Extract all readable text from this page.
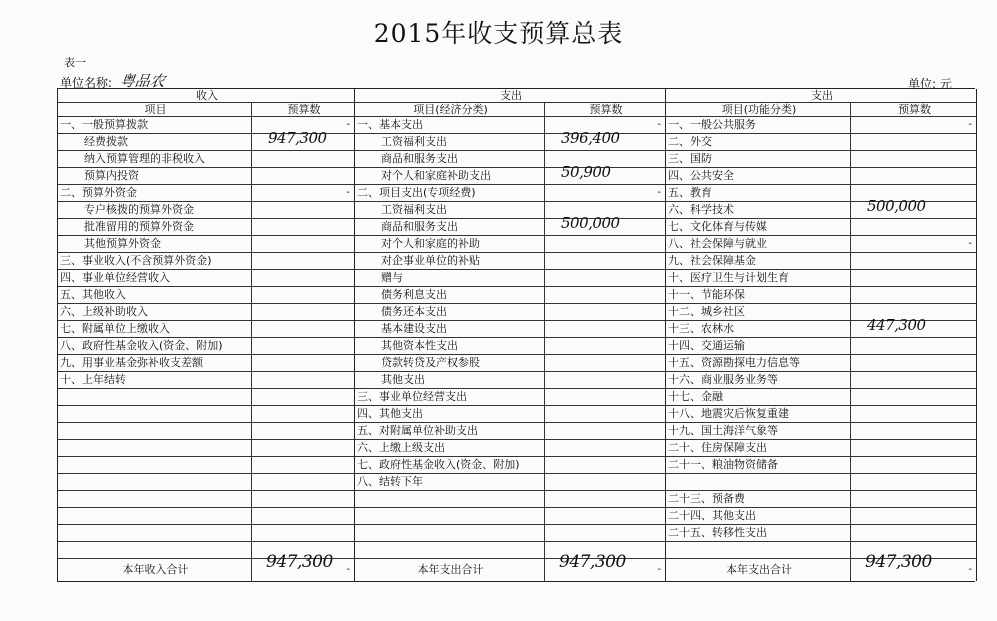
2015年收支预算总表
表一
单位名称: 粤品农	单位: 元
收入
项目	预算数
一、一般预算拨款	-
经费拨款	947,300
纳入预算管理的非税收入
预算内投资
二、预算外资金	-
专户核拨的预算外资金
批准留用的预算外资金
其他预算外资金
三、事业收入(不含预算外资金)
四、事业单位经营收入
五、其他收入
六、上级补助收入
七、附属单位上缴收入
八、政府性基金收入(资金、附加)
九、用事业基金弥补收支差额
十、上年结转
本年收入合计	947,300 -
支出
项目(经济分类)	预算数
一、基本支出	-
工资福利支出	396,400
商品和服务支出
对个人和家庭补助支出	50,900
二、项目支出(专项经费)	-
工资福利支出
商品和服务支出	500,000
对个人和家庭的补助
对企事业单位的补贴
赠与
债务利息支出
债务还本支出
基本建设支出
其他资本性支出
贷款转贷及产权参股
其他支出
三、事业单位经营支出
四、其他支出
五、对附属单位补助支出
六、上缴上级支出
七、政府性基金收入(资金、附加)
八、结转下年
本年支出合计	947,300	-
支出
项目(功能分类)	预算数
一、一般公共服务	-
二、外交
三、国防
四、公共安全
五、教育
六、科学技术	500,000
七、文化体育与传媒
八、社会保障与就业	-
九、社会保障基金
十、医疗卫生与计划生育
十一、节能环保
十二、城乡社区
十三、农林水	447,300
十四、交通运输
十五、资源勘探电力信息等
十六、商业服务业务等
十七、金融
十八、地震灾后恢复重建
十九、国土海洋气象等
二十、住房保障支出
二十一、粮油物资储备
二十三、预备费
二十四、其他支出
二十五、转移性支出
本年支出合计	947,300	-
